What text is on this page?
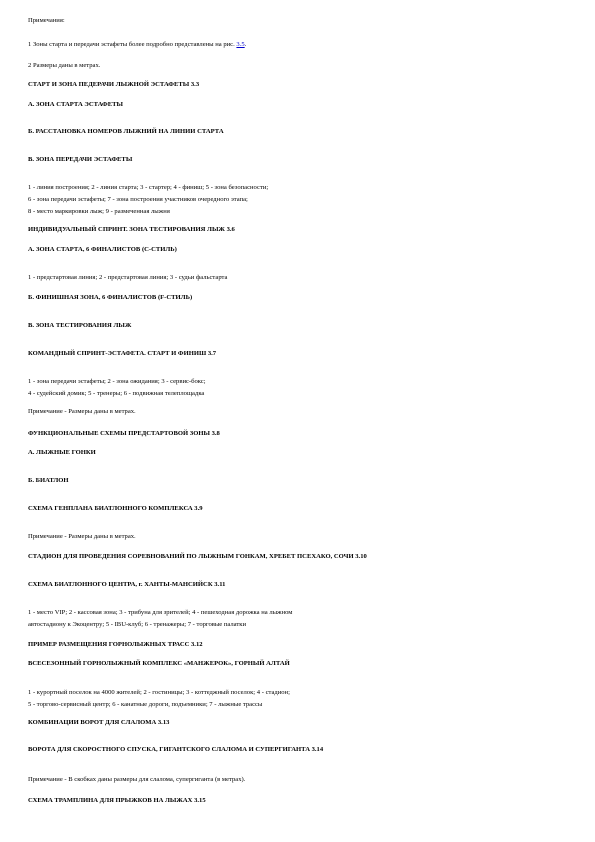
Примечания:
1 Зоны старта и передачи эстафеты более подробно представлены на рис. 3.5.
2 Размеры даны в метрах.
СТАРТ И ЗОНА ПЕДЕРАЧИ ЛЫЖНОЙ ЭСТАФЕТЫ 3.3
А. ЗОНА СТАРТА ЭСТАФЕТЫ
Б. РАССТАНОВКА НОМЕРОВ ЛЫЖНИЙ НА ЛИНИИ СТАРТА
В. ЗОНА ПЕРЕДАЧИ ЭСТАФЕТЫ
1 - линия построения; 2 - линия старта; 3 - стартер; 4 - финиш; 5 - зона безопасности;
6 - зона передачи эстафеты; 7 - зона построения участников очередного этапа;
8 - место маркировки лыж; 9 - размеченная лыжня
ИНДИВИДУАЛЬНЫЙ СПРИНТ. ЗОНА ТЕСТИРОВАНИЯ ЛЫЖ 3.6
А. ЗОНА СТАРТА, 6 ФИНАЛИСТОВ (С-СТИЛЬ)
1 - предстартовая линия; 2 - предстартовая линия; 3 - судьи фальстарта
Б. ФИНИШНАЯ ЗОНА, 6 ФИНАЛИСТОВ (F-СТИЛЬ)
В. ЗОНА ТЕСТИРОВАНИЯ ЛЫЖ
КОМАНДНЫЙ СПРИНТ-ЭСТАФЕТА. СТАРТ И ФИНИШ 3.7
1 - зона передачи эстафеты; 2 - зона ожидания; 3 - сервис-бокс;
4 - судейский домик; 5 - тренеры; 6 - подвижная телеплощадка
Примечание - Размеры даны в метрах.
ФУНКЦИОНАЛЬНЫЕ СХЕМЫ ПРЕДСТАРТОВОЙ ЗОНЫ 3.8
А. ЛЫЖНЫЕ ГОНКИ
Б. БИАТЛОН
СХЕМА ГЕНПЛАНА БИАТЛОННОГО КОМПЛЕКСА 3.9
Примечание - Размеры даны в метрах.
СТАДИОН ДЛЯ ПРОВЕДЕНИЯ СОРЕВНОВАНИЙ ПО ЛЫЖНЫМ ГОНКАМ, ХРЕБЕТ ПСЕХАКО, СОЧИ 3.10
СХЕМА БИАТЛОННОГО ЦЕНТРА, г. ХАНТЫ-МАНСИЙСК 3.11
1 - место VIP; 2 - кассовая зона; 3 - трибуна для зрителей; 4 - пешеходная дорожка на лыжном
автостадиону к Экоцентру; 5 - IBU-клуб; 6 - тренажеры; 7 - торговые палатки
ПРИМЕР РАЗМЕЩЕНИЯ ГОРНОЛЫЖНЫХ ТРАСС 3.12
ВСЕСЕЗОННЫЙ ГОРНОЛЫЖНЫЙ КОМПЛЕКС «МАНЖЕРОК», ГОРНЫЙ АЛТАЙ
1 - курортный поселок на 4000 жителей; 2 - гостиницы; 3 - коттеджный поселок; 4 - стадион;
5 - торгово-сервисный центр; 6 - канатные дороги, подъемники; 7 - лыжные трассы
КОМБИНАЦИИ ВОРОТ ДЛЯ СЛАЛОМА 3.13
ВОРОТА ДЛЯ СКОРОСТНОГО СПУСКА, ГИГАНТСКОГО СЛАЛОМА И СУПЕРГИГАНТА 3.14
Примечание - В скобках даны размеры для слалома, супергиганта (в метрах).
СХЕМА ТРАМПЛИНА ДЛЯ ПРЫЖКОВ НА ЛЫЖАХ 3.15
